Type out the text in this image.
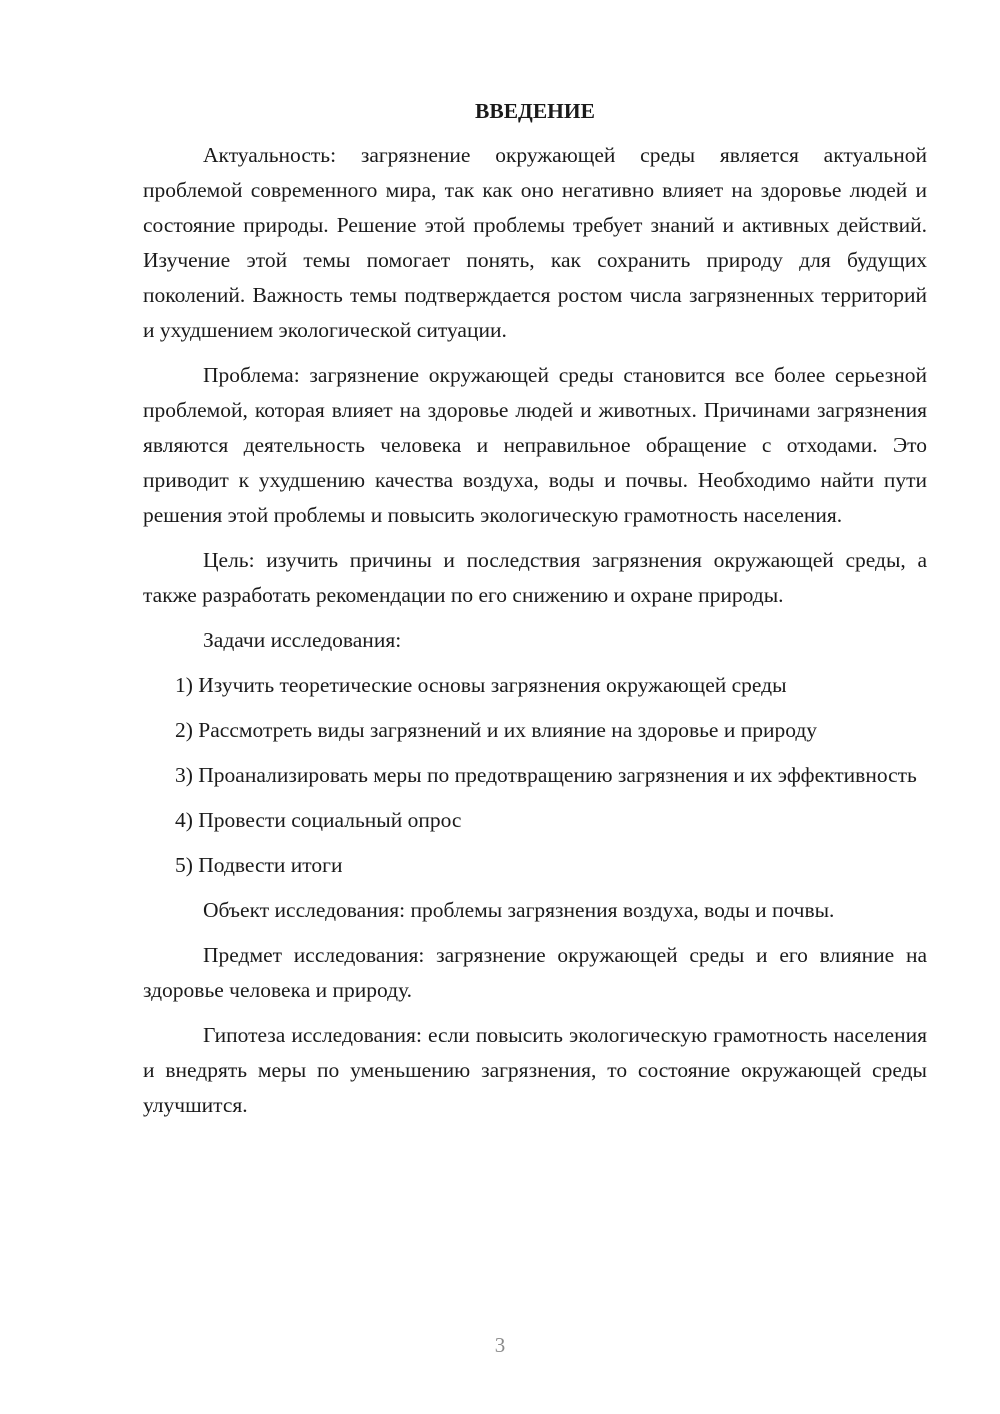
ВВЕДЕНИЕ

Актуальность: загрязнение окружающей среды является актуальной проблемой современного мира, так как оно негативно влияет на здоровье людей и состояние природы. Решение этой проблемы требует знаний и активных действий. Изучение этой темы помогает понять, как сохранить природу для будущих поколений. Важность темы подтверждается ростом числа загрязненных территорий и ухудшением экологической ситуации.

Проблема: загрязнение окружающей среды становится все более серьезной проблемой, которая влияет на здоровье людей и животных. Причинами загрязнения являются деятельность человека и неправильное обращение с отходами. Это приводит к ухудшению качества воздуха, воды и почвы. Необходимо найти пути решения этой проблемы и повысить экологическую грамотность населения.

Цель: изучить причины и последствия загрязнения окружающей среды, а также разработать рекомендации по его снижению и охране природы.

Задачи исследования:

1) Изучить теоретические основы загрязнения окружающей среды

2) Рассмотреть виды загрязнений и их влияние на здоровье и природу

3) Проанализировать меры по предотвращению загрязнения и их эффективность

4) Провести социальный опрос

5) Подвести итоги

Объект исследования: проблемы загрязнения воздуха, воды и почвы.

Предмет исследования: загрязнение окружающей среды и его влияние на здоровье человека и природу.

Гипотеза исследования: если повысить экологическую грамотность населения и внедрять меры по уменьшению загрязнения, то состояние окружающей среды улучшится.

3
